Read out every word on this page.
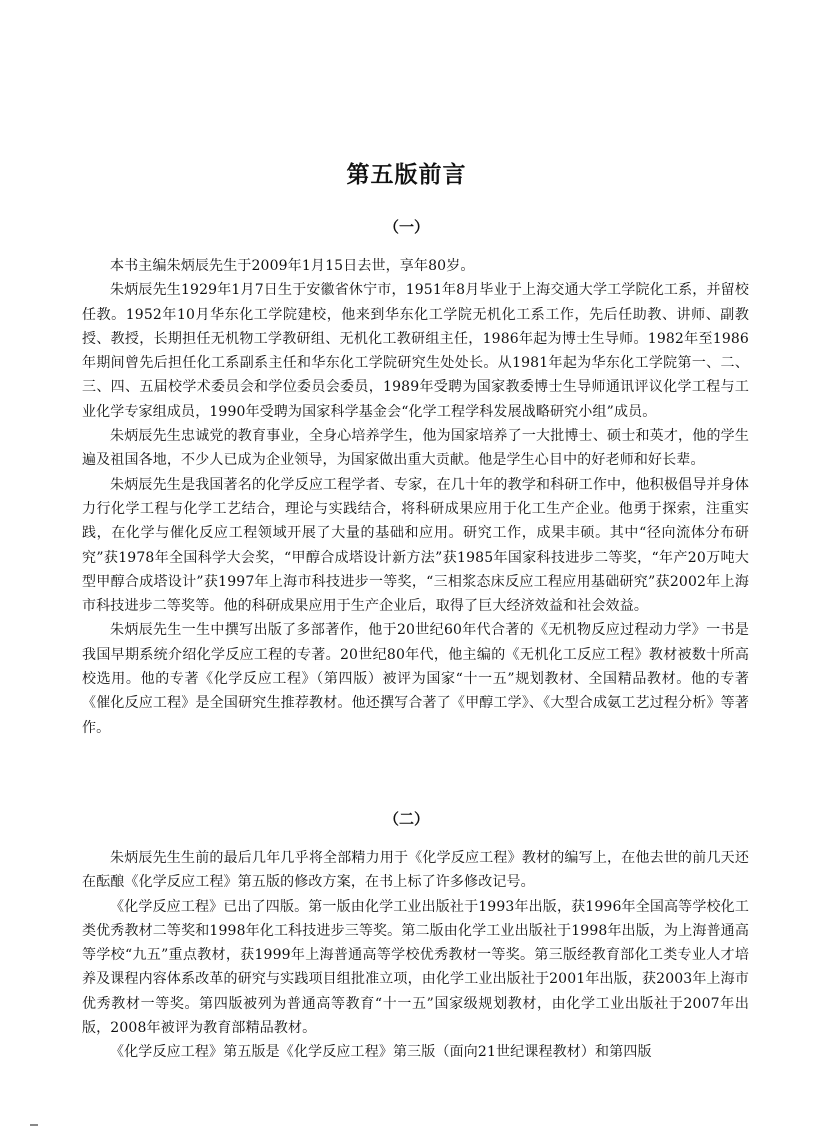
第五版前言
（一）

本书主编朱炳辰先生于2009年1月15日去世，享年80岁。

朱炳辰先生1929年1月7日生于安徽省休宁市，1951年8月毕业于上海交通大学工学院化工系，并留校任教。1952年10月华东化工学院建校，他来到华东化工学院无机化工系工作，先后任助教、讲师、副教授、教授，长期担任无机物工学教研组、无机化工教研组主任，1986年起为博士生导师。1982年至1986年期间曾先后担任化工系副系主任和华东化工学院研究生处处长。从1981年起为华东化工学院第一、二、三、四、五届校学术委员会和学位委员会委员，1989年受聘为国家教委博士生导师通讯评议化学工程与工业化学专家组成员，1990年受聘为国家科学基金会“化学工程学科发展战略研究小组”成员。

朱炳辰先生忠诚党的教育事业，全身心培养学生，他为国家培养了一大批博士、硕士和英才，他的学生遍及祖国各地，不少人已成为企业领导，为国家做出重大贡献。他是学生心目中的好老师和好长辈。

朱炳辰先生是我国著名的化学反应工程学者、专家，在几十年的教学和科研工作中，他积极倡导并身体力行化学工程与化学工艺结合，理论与实践结合，将科研成果应用于化工生产企业。他勇于探索，注重实践，在化学与催化反应工程领域开展了大量的基础和应用。研究工作，成果丰硕。其中“径向流体分布研究”获1978年全国科学大会奖，“甲醇合成塔设计新方法”获1985年国家科技进步二等奖，“年产20万吨大型甲醇合成塔设计”获1997年上海市科技进步一等奖，“三相浆态床反应工程应用基础研究”获2002年上海市科技进步二等奖等。他的科研成果应用于生产企业后，取得了巨大经济效益和社会效益。

朱炳辰先生一生中撰写出版了多部著作，他于20世纪60年代合著的《无机物反应过程动力学》一书是我国早期系统介绍化学反应工程的专著。20世纪80年代，他主编的《无机化工反应工程》教材被数十所高校选用。他的专著《化学反应工程》（第四版）被评为国家“十一五”规划教材、全国精品教材。他的专著《催化反应工程》是全国研究生推荐教材。他还撰写合著了《甲醇工学》、《大型合成氨工艺过程分析》等著作。

（二）

朱炳辰先生生前的最后几年几乎将全部精力用于《化学反应工程》教材的编写上，在他去世的前几天还在酝酿《化学反应工程》第五版的修改方案，在书上标了许多修改记号。

《化学反应工程》已出了四版。第一版由化学工业出版社于1993年出版，获1996年全国高等学校化工类优秀教材二等奖和1998年化工科技进步三等奖。第二版由化学工业出版社于1998年出版，为上海普通高等学校“九五”重点教材，获1999年上海普通高等学校优秀教材一等奖。第三版经教育部化工类专业人才培养及课程内容体系改革的研究与实践项目组批准立项，由化学工业出版社于2001年出版，获2003年上海市优秀教材一等奖。第四版被列为普通高等教育“十一五”国家级规划教材，由化学工业出版社于2007年出版，2008年被评为教育部精品教材。

《化学反应工程》第五版是《化学反应工程》第三版（面向21世纪课程教材）和第四版
